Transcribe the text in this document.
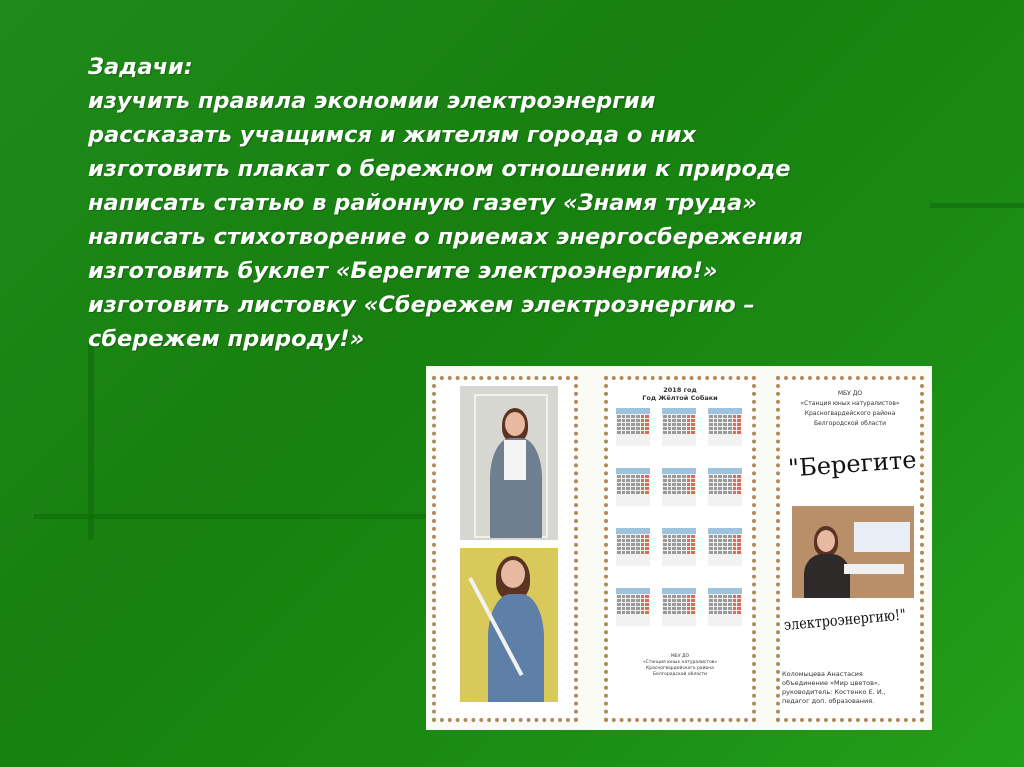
Задачи:
изучить правила экономии электроэнергии
рассказать учащимся и жителям города о них
изготовить плакат о бережном отношении к природе
написать статью в районную газету «Знамя труда»
написать стихотворение о приемах энергосбережения
изготовить буклет «Берегите электроэнергию!»
изготовить листовку «Сбережем электроэнергию –
сбережем природу!»
2018 год
Год Жёлтой Собаки
МБУ ДО
«Станция юных натуралистов»
Красногвардейского района
Белгородской области
МБУ ДО
«Станция юных натуралистов»
Красногвардейского района
Белгородской области
"Берегите
электроэнергию!"
Коломыцева Анастасия
объединение «Мир цветов»,
руководитель: Костенко Е. И.,
педагог доп. образования.
